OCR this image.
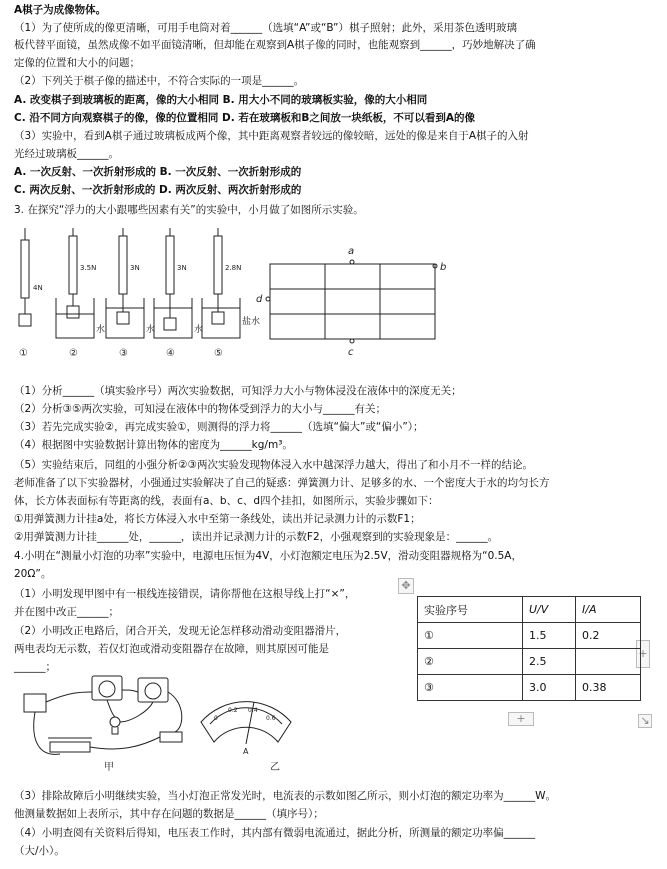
A棋子为成像物体。
（1）为了使所成的像更清晰，可用手电筒对着______（选填“A”或“B”）棋子照射；此外，采用茶色透明玻璃
板代替平面镜，虽然成像不如平面镜清晰，但却能在观察到A棋子像的同时，也能观察到______，巧妙地解决了确
定像的位置和大小的问题；
（2）下列关于棋子像的描述中，不符合实际的一项是______。
A. 改变棋子到玻璃板的距离，像的大小相同 B. 用大小不同的玻璃板实验，像的大小相同
C. 沿不同方向观察棋子的像，像的位置相同 D. 若在玻璃板和B之间放一块纸板，不可以看到A的像
（3）实验中，看到A棋子通过玻璃板成两个像，其中距离观察者较远的像较暗，远处的像是来自于A棋子的入射
光经过玻璃板______。
A. 一次反射、一次折射形成的 B. 一次反射、一次折射形成的
C. 两次反射、一次折射形成的 D. 两次反射、两次折射形成的
3. 在探究“浮力的大小跟哪些因素有关”的实验中，小月做了如图所示实验。
4N
3.5N	3N	3N	2.8N
水	水	水
盐水
①	②	③	④	⑤
a
b
c
d
（1）分析______（填实验序号）两次实验数据，可知浮力大小与物体浸没在液体中的深度无关；
（2）分析③⑤两次实验，可知浸在液体中的物体受到浮力的大小与______有关；
（3）若先完成实验②，再完成实验①，则测得的浮力将______（选填“偏大”或“偏小”）；
（4）根据图中实验数据计算出物体的密度为______kg/m³。
（5）实验结束后，同组的小强分析②③两次实验发现物体浸入水中越深浮力越大，得出了和小月不一样的结论。
老师准备了以下实验器材，小强通过实验解决了自己的疑惑：弹簧测力计、足够多的水、一个密度大于水的均匀长方
体，长方体表面标有等距离的线，表面有a、b、c、d四个挂扣，如图所示，实验步骤如下：
①用弹簧测力计挂a处，将长方体浸入水中至第一条线处，读出并记录测力计的示数F1；
②用弹簧测力计挂______处，______，读出并记录测力计的示数F2，小强观察到的实验现象是：______。
4.小明在“测量小灯泡的功率”实验中，电源电压恒为4V，小灯泡额定电压为2.5V，滑动变阻器规格为“0.5A，
20Ω”。
（1）小明发现甲图中有一根线连接错误，请你帮他在这根导线上打“×”，
并在图中改正______；
（2）小明改正电路后，闭合开关，发现无论怎样移动滑动变阻器滑片，
两电表均无示数，若仅灯泡或滑动变阻器存在故障，则其原因可能是
______；
✥
+
+	↘
实验序号	U/V	I/A
①	1.5	0.2
②	2.5	
③	3.0	0.38
甲
0
0.2 0.4
0.6
A
乙
（3）排除故障后小明继续实验，当小灯泡正常发光时，电流表的示数如图乙所示，则小灯泡的额定功率为______W。
他测量数据如上表所示，其中存在问题的数据是______（填序号）；
（4）小明查阅有关资料后得知，电压表工作时，其内部有微弱电流通过，据此分析，所测量的额定功率偏______
（大/小）。
